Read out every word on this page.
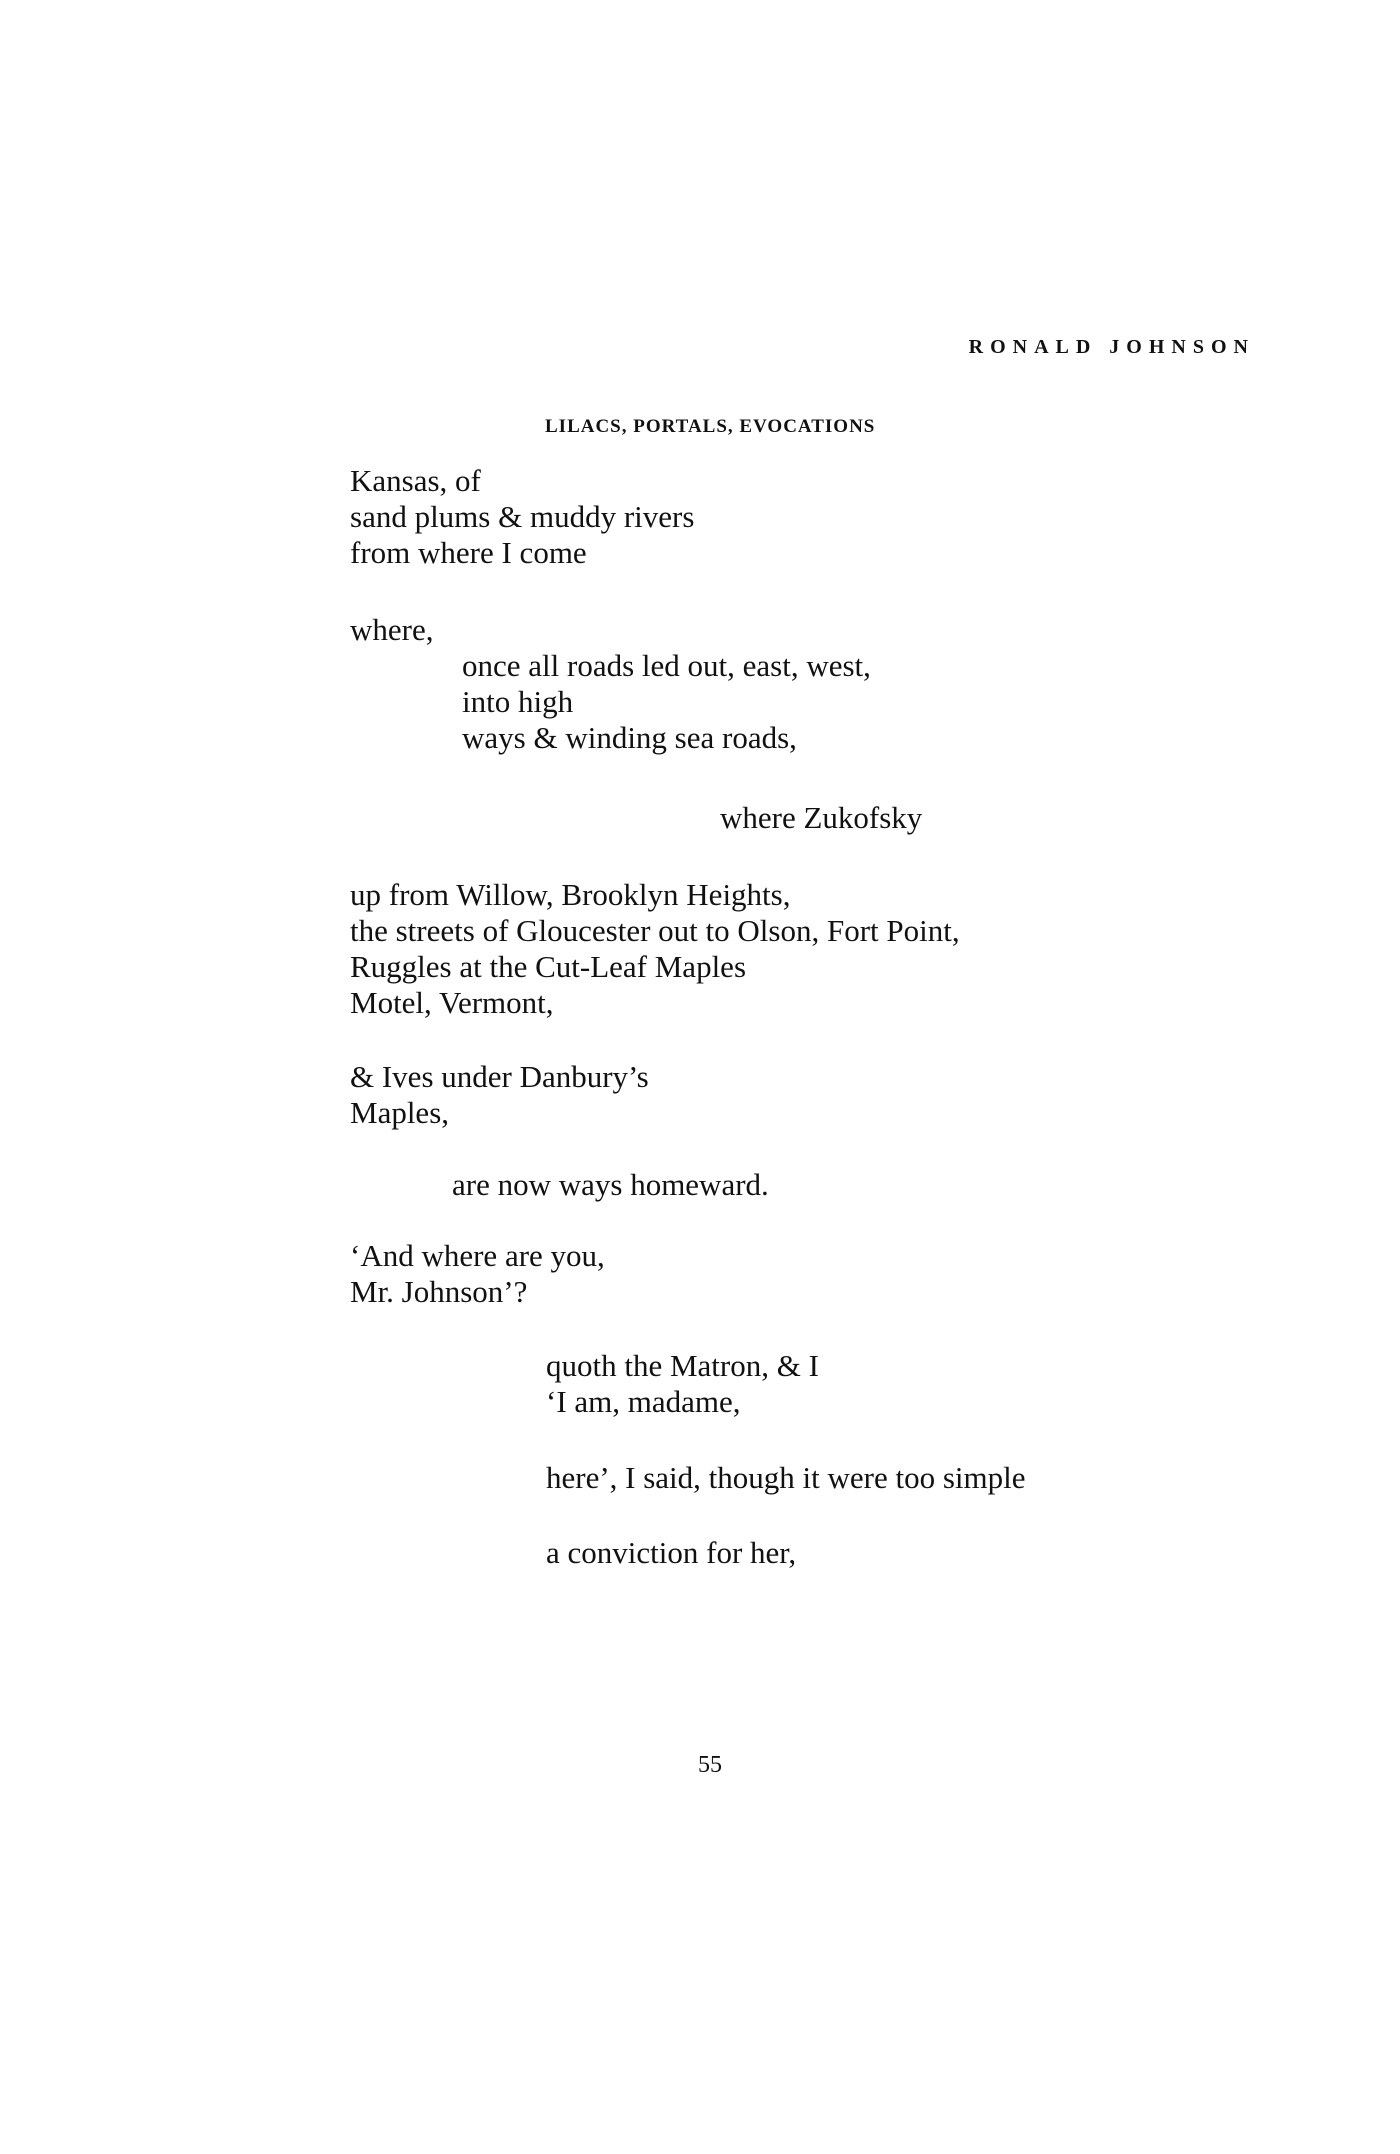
RONALD JOHNSON
LILACS, PORTALS, EVOCATIONS
Kansas, of
sand plums & muddy rivers
from where I come
where,
once all roads led out, east, west,
into high
ways & winding sea roads,
where Zukofsky
up from Willow, Brooklyn Heights,
the streets of Gloucester out to Olson, Fort Point,
Ruggles at the Cut-Leaf Maples
Motel, Vermont,
& Ives under Danbury’s
Maples,
are now ways homeward.
‘And where are you,
Mr. Johnson’?
quoth the Matron, & I
‘I am, madame,
here’, I said, though it were too simple
a conviction for her,
55
